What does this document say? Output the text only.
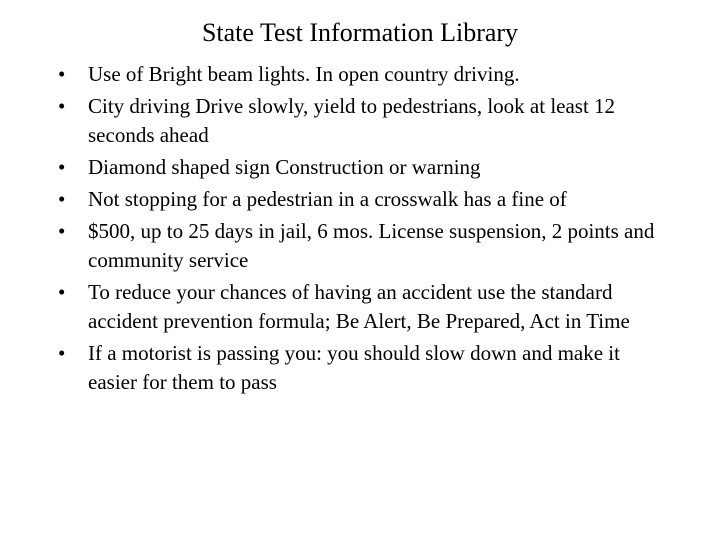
State Test Information Library
•	Use of Bright beam lights. In open country driving.
•	City driving Drive slowly, yield to pedestrians, look at least 12 seconds ahead
•	Diamond shaped sign Construction or warning
•	Not stopping for a pedestrian in a crosswalk has a fine of
•	$500, up to 25 days in jail, 6 mos. License suspension, 2 points and community service
•	To reduce your chances of having an accident use the standard accident prevention formula; Be Alert, Be Prepared, Act in Time
•	If a motorist is passing you: you should slow down and make it easier for them to pass
